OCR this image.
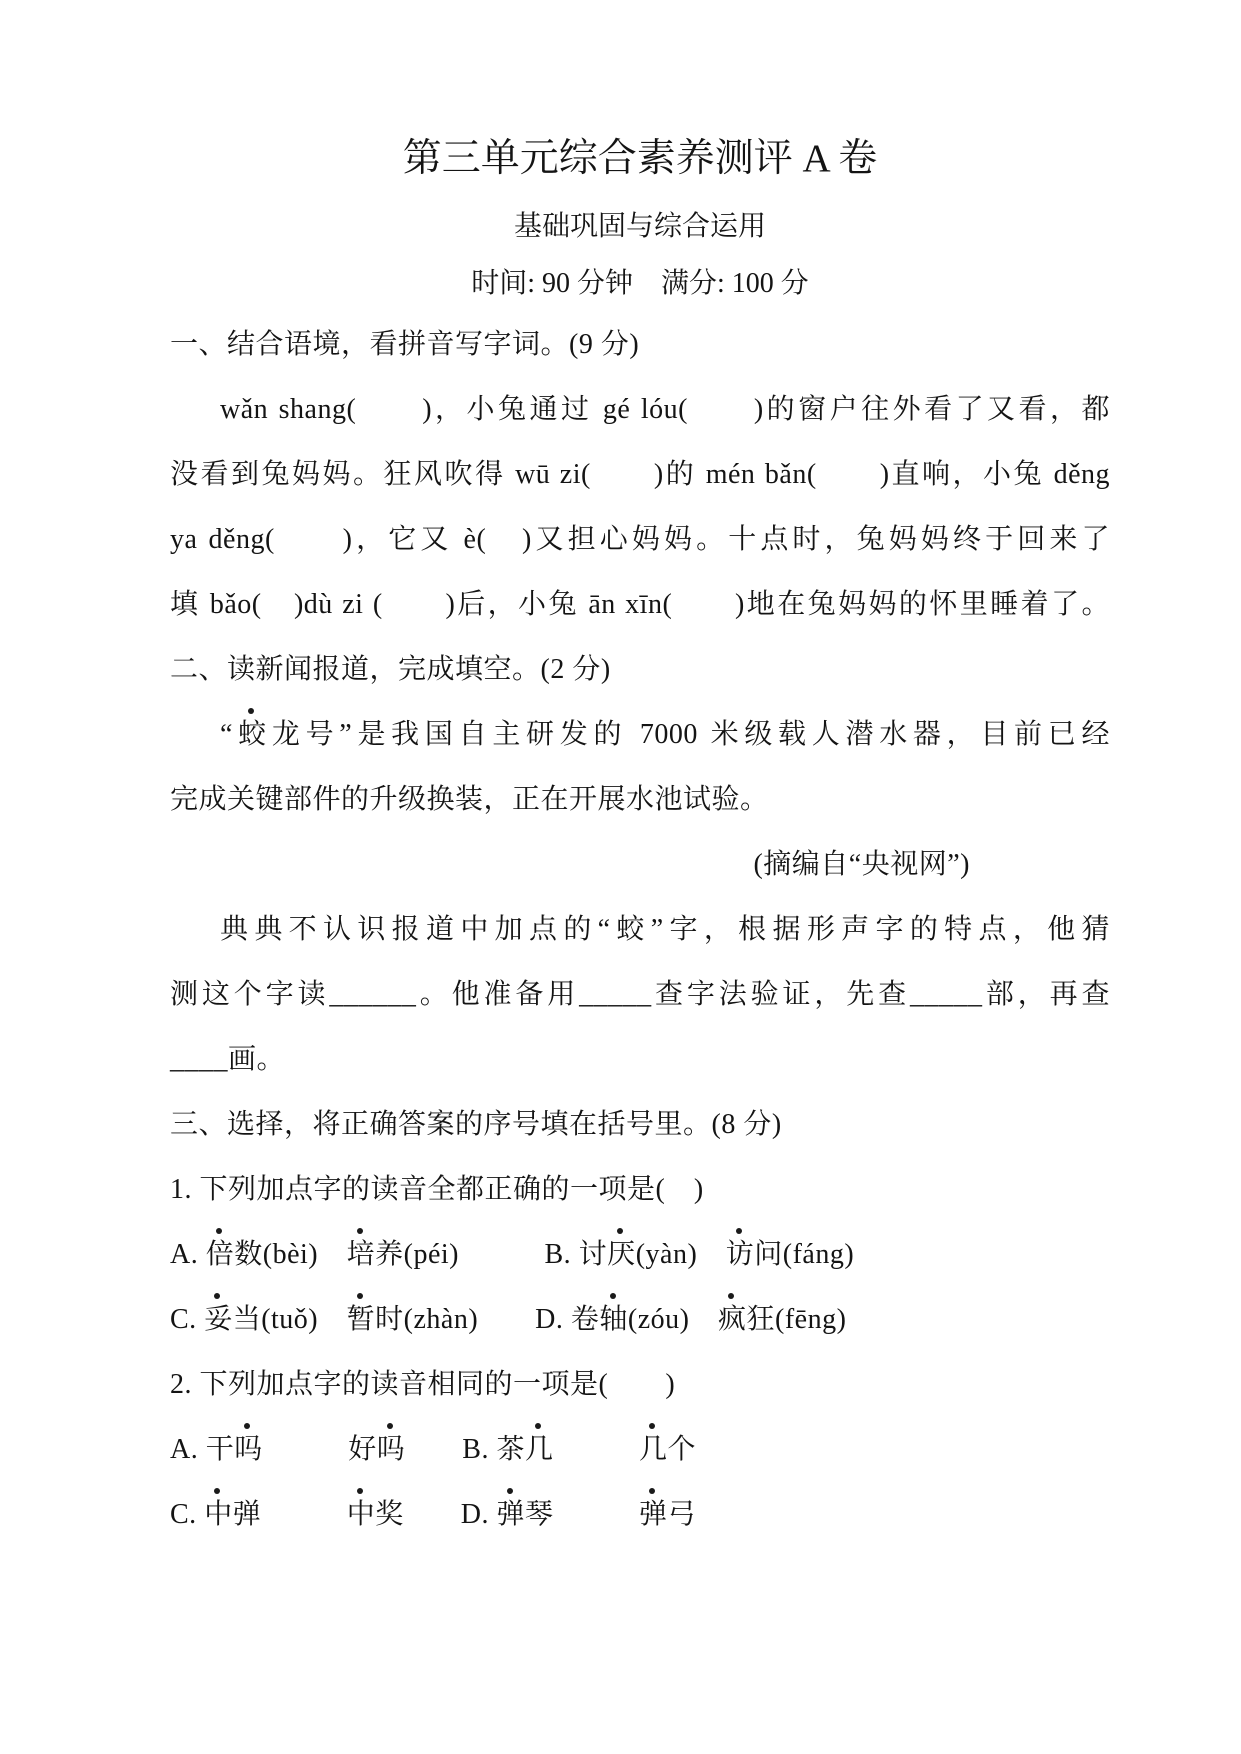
第三单元综合素养测评 A 卷
基础巩固与综合运用
时间: 90 分钟　满分: 100 分
一、结合语境，看拼音写字词。(9 分)
wǎn shang(　　)，小兔通过 gé lóu(　　)的窗户往外看了又看，都
没看到兔妈妈。狂风吹得 wū zi(　　)的 mén bǎn(　　)直响，小兔 děng
ya děng(　　)，它又 è(　)又担心妈妈。十点时，兔妈妈终于回来了
填 bǎo(　)dù zi (　　)后，小兔 ān xīn(　　)地在兔妈妈的怀里睡着了。
二、读新闻报道，完成填空。(2 分)
“蛟龙号”是我国自主研发的 7000 米级载人潜水器，目前已经
完成关键部件的升级换装，正在开展水池试验。
(摘编自“央视网”)
典典不认识报道中加点的“蛟”字，根据形声字的特点，他猜
测这个字读______。他准备用_____查字法验证，先查_____部，再查
____画。
三、选择，将正确答案的序号填在括号里。(8 分)
1. 下列加点字的读音全都正确的一项是(　)
A. 倍数(bèi)　培养(péi)　　　B. 讨厌(yàn)　访问(fáng)
C. 妥当(tuǒ)　暂时(zhàn)　　D. 卷轴(zóu)　疯狂(fēng)
2. 下列加点字的读音相同的一项是(　　)
A. 干吗　　　好吗　　B. 茶几　　　	几个
C. 中弹　　　中奖　　D. 弹琴　　　弹弓
